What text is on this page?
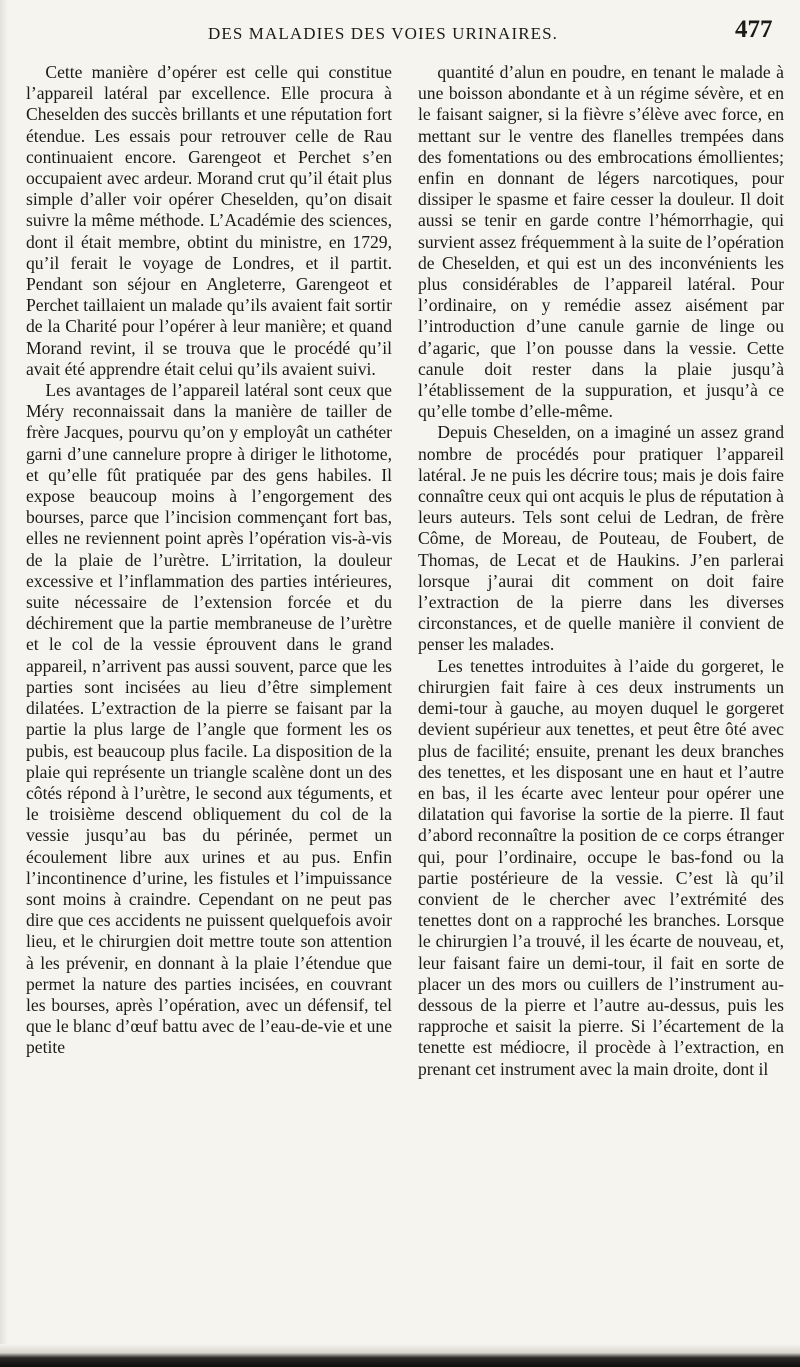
DES MALADIES DES VOIES URINAIRES.	477

Cette manière d’opérer est celle qui constitue l’appareil latéral par excellence. Elle procura à Cheselden des succès brillants et une réputation fort étendue. Les essais pour retrouver celle de Rau continuaient encore. Garengeot et Perchet s’en occupaient avec ardeur. Morand crut qu’il était plus simple d’aller voir opérer Cheselden, qu’on disait suivre la même méthode. L’Académie des sciences, dont il était membre, obtint du ministre, en 1729, qu’il ferait le voyage de Londres, et il partit. Pendant son séjour en Angleterre, Garengeot et Perchet taillaient un malade qu’ils avaient fait sortir de la Charité pour l’opérer à leur manière; et quand Morand revint, il se trouva que le procédé qu’il avait été apprendre était celui qu’ils avaient suivi.

Les avantages de l’appareil latéral sont ceux que Méry reconnaissait dans la manière de tailler de frère Jacques, pourvu qu’on y employât un cathéter garni d’une cannelure propre à diriger le lithotome, et qu’elle fût pratiquée par des gens habiles. Il expose beaucoup moins à l’engorgement des bourses, parce que l’incision commençant fort bas, elles ne reviennent point après l’opération vis-à-vis de la plaie de l’urètre. L’irritation, la douleur excessive et l’inflammation des parties intérieures, suite nécessaire de l’extension forcée et du déchirement que la partie membraneuse de l’urètre et le col de la vessie éprouvent dans le grand appareil, n’arrivent pas aussi souvent, parce que les parties sont incisées au lieu d’être simplement dilatées. L’extraction de la pierre se faisant par la partie la plus large de l’angle que forment les os pubis, est beaucoup plus facile. La disposition de la plaie qui représente un triangle scalène dont un des côtés répond à l’urètre, le second aux téguments, et le troisième descend obliquement du col de la vessie jusqu’au bas du périnée, permet un écoulement libre aux urines et au pus. Enfin l’incontinence d’urine, les fistules et l’impuissance sont moins à craindre. Cependant on ne peut pas dire que ces accidents ne puissent quelquefois avoir lieu, et le chirurgien doit mettre toute son attention à les prévenir, en donnant à la plaie l’étendue que permet la nature des parties incisées, en couvrant les bourses, après l’opération, avec un défensif, tel que le blanc d’œuf battu avec de l’eau-de-vie et une petite

quantité d’alun en poudre, en tenant le malade à une boisson abondante et à un régime sévère, et en le faisant saigner, si la fièvre s’élève avec force, en mettant sur le ventre des flanelles trempées dans des fomentations ou des embrocations émollientes; enfin en donnant de légers narcotiques, pour dissiper le spasme et faire cesser la douleur. Il doit aussi se tenir en garde contre l’hémorrhagie, qui survient assez fréquemment à la suite de l’opération de Cheselden, et qui est un des inconvénients les plus considérables de l’appareil latéral. Pour l’ordinaire, on y remédie assez aisément par l’introduction d’une canule garnie de linge ou d’agaric, que l’on pousse dans la vessie. Cette canule doit rester dans la plaie jusqu’à l’établissement de la suppuration, et jusqu’à ce qu’elle tombe d’elle-même.

Depuis Cheselden, on a imaginé un assez grand nombre de procédés pour pratiquer l’appareil latéral. Je ne puis les décrire tous; mais je dois faire connaître ceux qui ont acquis le plus de réputation à leurs auteurs. Tels sont celui de Ledran, de frère Côme, de Moreau, de Pouteau, de Foubert, de Thomas, de Lecat et de Haukins. J’en parlerai lorsque j’aurai dit comment on doit faire l’extraction de la pierre dans les diverses circonstances, et de quelle manière il convient de penser les malades.

Les tenettes introduites à l’aide du gorgeret, le chirurgien fait faire à ces deux instruments un demi-tour à gauche, au moyen duquel le gorgeret devient supérieur aux tenettes, et peut être ôté avec plus de facilité; ensuite, prenant les deux branches des tenettes, et les disposant une en haut et l’autre en bas, il les écarte avec lenteur pour opérer une dilatation qui favorise la sortie de la pierre. Il faut d’abord reconnaître la position de ce corps étranger qui, pour l’ordinaire, occupe le bas-fond ou la partie postérieure de la vessie. C’est là qu’il convient de le chercher avec l’extrémité des tenettes dont on a rapproché les branches. Lorsque le chirurgien l’a trouvé, il les écarte de nouveau, et, leur faisant faire un demi-tour, il fait en sorte de placer un des mors ou cuillers de l’instrument au-dessous de la pierre et l’autre au-dessus, puis les rapproche et saisit la pierre. Si l’écartement de la tenette est médiocre, il procède à l’extraction, en prenant cet instrument avec la main droite, dont il
